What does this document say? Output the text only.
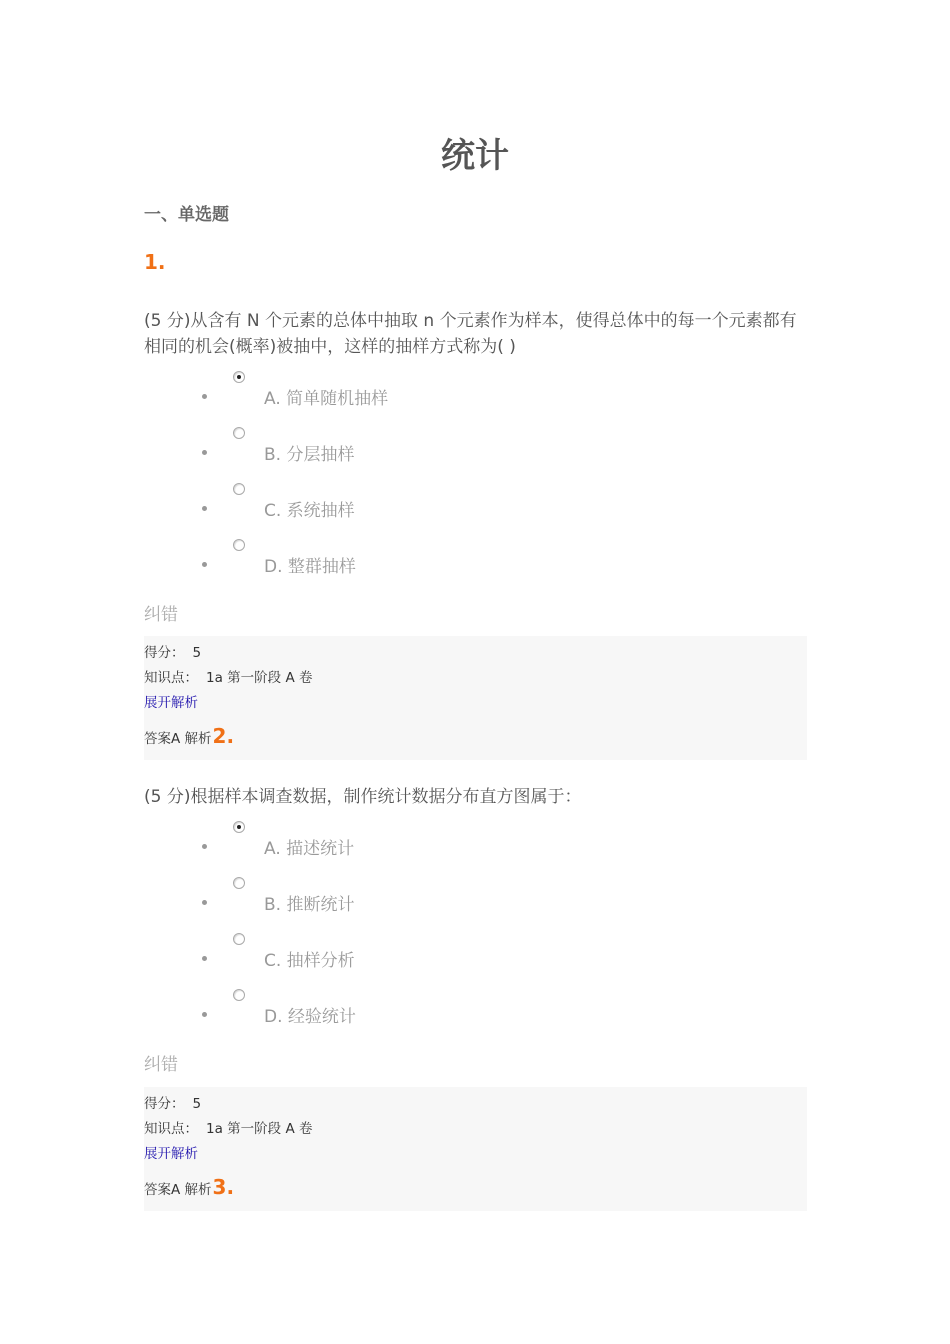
统计
一、单选题
1.
(5 分)从含有 N 个元素的总体中抽取 n 个元素作为样本，使得总体中的每一个元素都有相同的机会(概率)被抽中，这样的抽样方式称为( )
A. 简单随机抽样
B. 分层抽样
C. 系统抽样
D. 整群抽样
纠错
得分： 5
知识点： 1a 第一阶段 A 卷
展开解析
答案A 解析2.
(5 分)根据样本调查数据，制作统计数据分布直方图属于：
A. 描述统计
B. 推断统计
C. 抽样分析
D. 经验统计
纠错
得分： 5
知识点： 1a 第一阶段 A 卷
展开解析
答案A 解析3.
